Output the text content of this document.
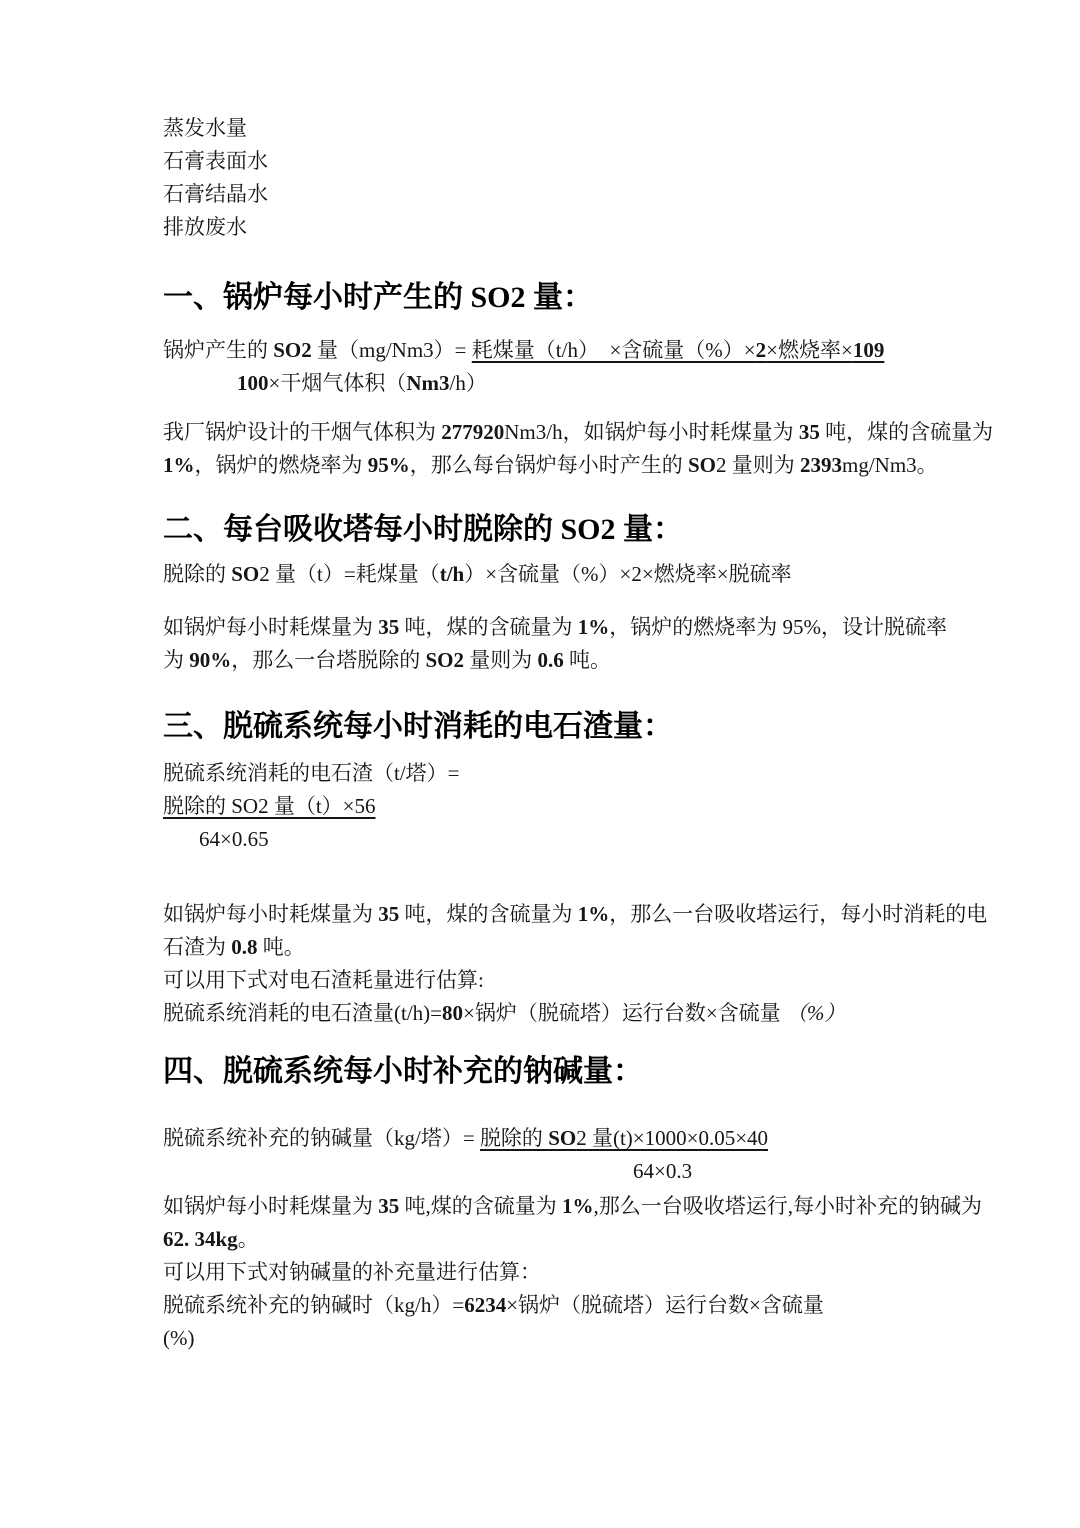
蒸发水量
石膏表面水
石膏结晶水
排放废水
一、锅炉每小时产生的 SO2 量：
锅炉产生的 SO2 量（mg/Nm3）= 耗煤量（t/h）  ×含硫量（%）×2×燃烧率×109
100×干烟气体积（Nm3/h）
我厂锅炉设计的干烟气体积为 277920Nm3/h，如锅炉每小时耗煤量为 35 吨，煤的含硫量为
1%，锅炉的燃烧率为 95%，那么每台锅炉每小时产生的 SO2 量则为 2393mg/Nm3。
二、每台吸收塔每小时脱除的 SO2 量：
脱除的 SO2 量（t）=耗煤量（t/h）×含硫量（%）×2×燃烧率×脱硫率
如锅炉每小时耗煤量为 35 吨，煤的含硫量为 1%，锅炉的燃烧率为 95%，设计脱硫率
为 90%，那么一台塔脱除的 SO2 量则为 0.6 吨。
三、脱硫系统每小时消耗的电石渣量：
脱硫系统消耗的电石渣（t/塔）=
脱除的 SO2 量（t）×56
64×0.65
如锅炉每小时耗煤量为 35 吨，煤的含硫量为 1%，那么一台吸收塔运行，每小时消耗的电
石渣为 0.8 吨。
可以用下式对电石渣耗量进行估算:
脱硫系统消耗的电石渣量(t/h)=80×锅炉（脱硫塔）运行台数×含硫量 （%）
四、脱硫系统每小时补充的钠碱量：
脱硫系统补充的钠碱量（kg/塔）= 脱除的 SO2 量(t)×1000×0.05×40
64×0.3
如锅炉每小时耗煤量为 35 吨,煤的含硫量为 1%,那么一台吸收塔运行,每小时补充的钠碱为
62. 34kg。
可以用下式对钠碱量的补充量进行估算：
脱硫系统补充的钠碱时（kg/h）=6234×锅炉（脱硫塔）运行台数×含硫量
(%)
